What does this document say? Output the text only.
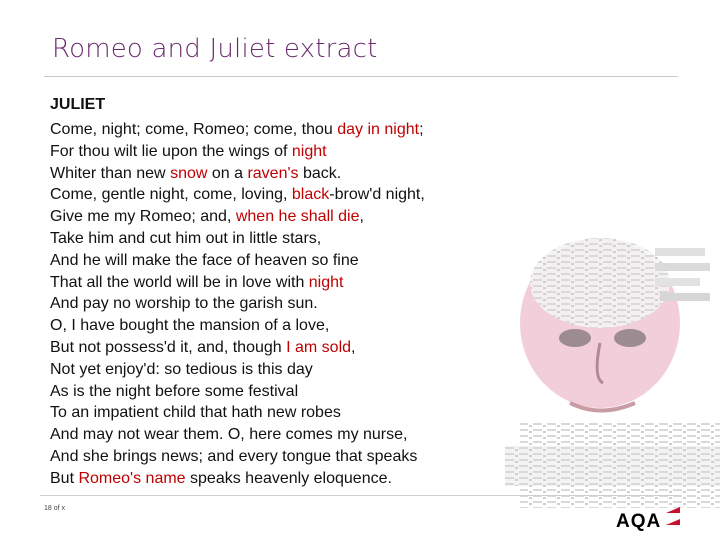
Romeo and Juliet extract
JULIET
Come, night; come, Romeo; come, thou day in night;
For thou wilt lie upon the wings of night
Whiter than new snow on a raven's back.
Come, gentle night, come, loving, black-brow'd night,
Give me my Romeo; and, when he shall die,
Take him and cut him out in little stars,
And he will make the face of heaven so fine
That all the world will be in love with night
And pay no worship to the garish sun.
O, I have bought the mansion of a love,
But not possess'd it, and, though I am sold,
Not yet enjoy'd: so tedious is this day
As is the night before some festival
To an impatient child that hath new robes
And may not wear them. O, here comes my nurse,
And she brings news; and every tongue that speaks
But Romeo's name speaks heavenly eloquence.
18 of x
AQA
